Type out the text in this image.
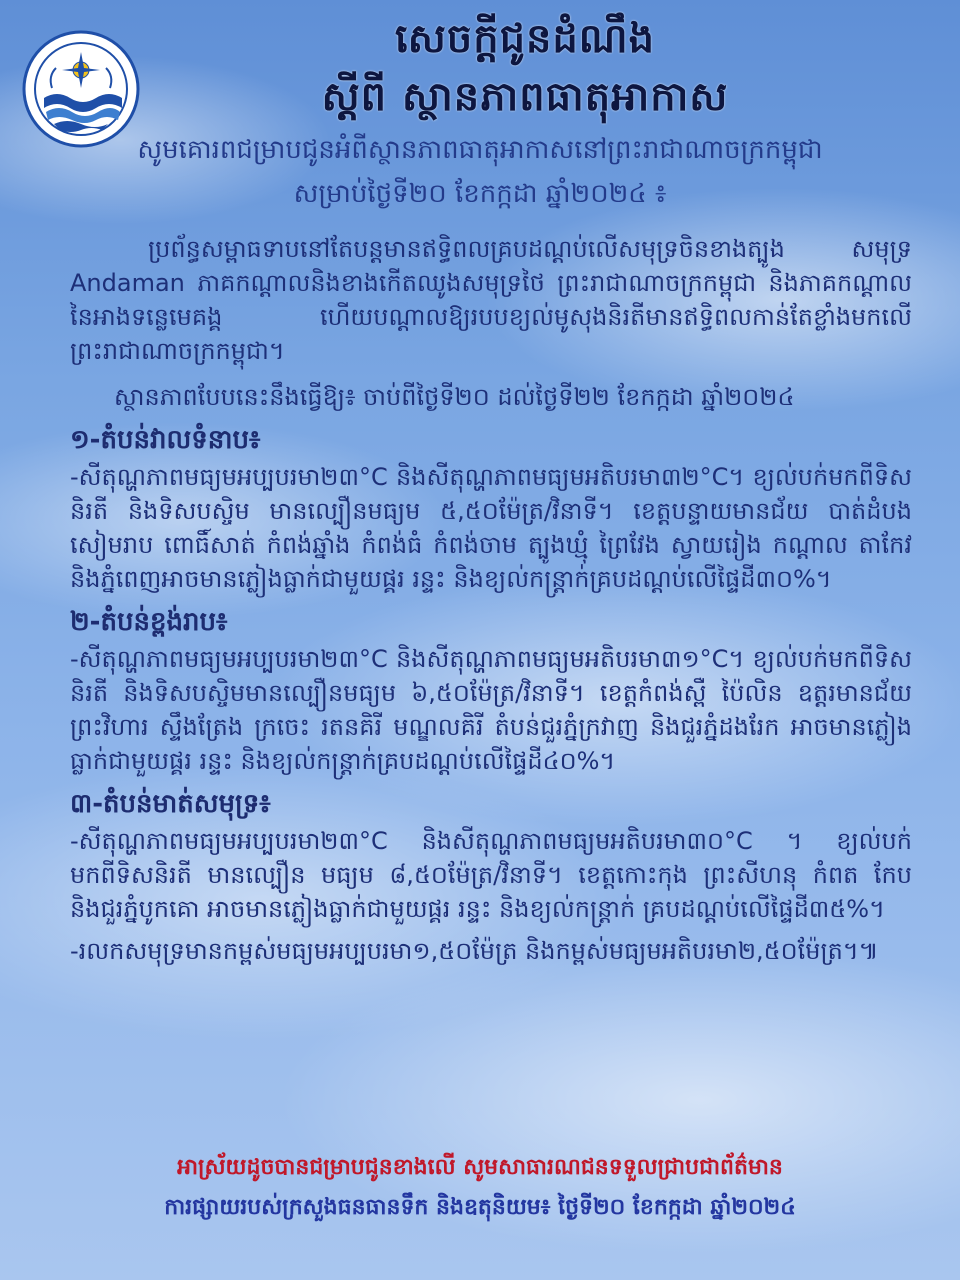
សេចក្តីជូនដំណឹង
ស្តីពី ស្ថានភាពធាតុអាកាស
សូមគោរពជម្រាបជូនអំពីស្ថានភាពធាតុអាកាសនៅព្រះរាជាណាចក្រកម្ពុជា
សម្រាប់ថ្ងៃទី២០ ខែកក្កដា ឆ្នាំ២០២៤ ៖

ប្រព័ន្ធសម្ពាធទាបនៅតែបន្តមានឥទ្ធិពលគ្របដណ្តប់លើសមុទ្រចិនខាងត្បូង សមុទ្រ Andaman ភាគកណ្តាលនិងខាងកើតឈូងសមុទ្រថៃ ព្រះរាជាណាចក្រកម្ពុជា និងភាគកណ្តាលនៃអាងទន្លេមេគង្គ ហើយបណ្តាលឱ្យរបបខ្យល់មូសុងនិរតីមានឥទ្ធិពលកាន់តែខ្លាំងមកលើព្រះរាជាណាចក្រកម្ពុជា។

ស្ថានភាពបែបនេះនឹងធ្វើឱ្យ៖ ចាប់ពីថ្ងៃទី២០ ដល់ថ្ងៃទី២២ ខែកក្កដា ឆ្នាំ២០២៤

១-តំបន់វាលទំនាប៖

-សីតុណ្ហភាពមធ្យមអប្បបរមា២៣°C និងសីតុណ្ហភាពមធ្យមអតិបរមា៣២°C។ ខ្យល់បក់មកពីទិសនិរតី និងទិសបស្ចិម មានល្បឿនមធ្យម ៥,៥០ម៉ែត្រ/វិនាទី។ ខេត្តបន្ទាយមានជ័យ បាត់ដំបង សៀមរាប ពោធិ៍សាត់ កំពង់ឆ្នាំង កំពង់ធំ កំពង់ចាម ត្បូងឃ្មុំ ព្រៃវែង ស្វាយរៀង កណ្តាល តាកែវ និងភ្នំពេញអាចមានភ្លៀងធ្លាក់ជាមួយផ្គរ រន្ទះ និងខ្យល់កន្ត្រាក់គ្របដណ្តប់លើផ្ទៃដី៣០%។

២-តំបន់ខ្ពង់រាប៖

-សីតុណ្ហភាពមធ្យមអប្បបរមា២៣°C និងសីតុណ្ហភាពមធ្យមអតិបរមា៣១°C។ ខ្យល់បក់មកពីទិសនិរតី និងទិសបស្ចិមមានល្បឿនមធ្យម ៦,៥០ម៉ែត្រ/វិនាទី។ ខេត្តកំពង់ស្ពឺ ប៉ៃលិន ឧត្តរមានជ័យ ព្រះវិហារ ស្ទឹងត្រែង ក្រចេះ រតនគិរី មណ្ឌលគិរី តំបន់ជួរភ្នំក្រវាញ និងជួរភ្នំដងរែក អាចមានភ្លៀងធ្លាក់ជាមួយផ្គរ រន្ទះ និងខ្យល់កន្ត្រាក់គ្របដណ្តប់លើផ្ទៃដី៤០%។

៣-តំបន់មាត់សមុទ្រ៖

-សីតុណ្ហភាពមធ្យមអប្បបរមា២៣°C និងសីតុណ្ហភាពមធ្យមអតិបរមា៣០°C ។ ខ្យល់បក់មកពីទិសនិរតី មានល្បឿន មធ្យម ៨,៥០ម៉ែត្រ/វិនាទី។ ខេត្តកោះកុង ព្រះសីហនុ កំពត កែប និងជួរភ្នំបូកគោ អាចមានភ្លៀងធ្លាក់ជាមួយផ្គរ រន្ទះ និងខ្យល់កន្ត្រាក់ គ្របដណ្តប់លើផ្ទៃដី៣៥%។

-រលកសមុទ្រមានកម្ពស់មធ្យមអប្បបរមា១,៥០ម៉ែត្រ និងកម្ពស់មធ្យមអតិបរមា២,៥០ម៉ែត្រ។៕

អាស្រ័យដូចបានជម្រាបជូនខាងលើ សូមសាធារណជនទទួលជ្រាបជាព័ត៌មាន
ការផ្សាយរបស់ក្រសួងធនធានទឹក និងឧតុនិយម៖ ថ្ងៃទី២០ ខែកក្កដា ឆ្នាំ២០២៤
